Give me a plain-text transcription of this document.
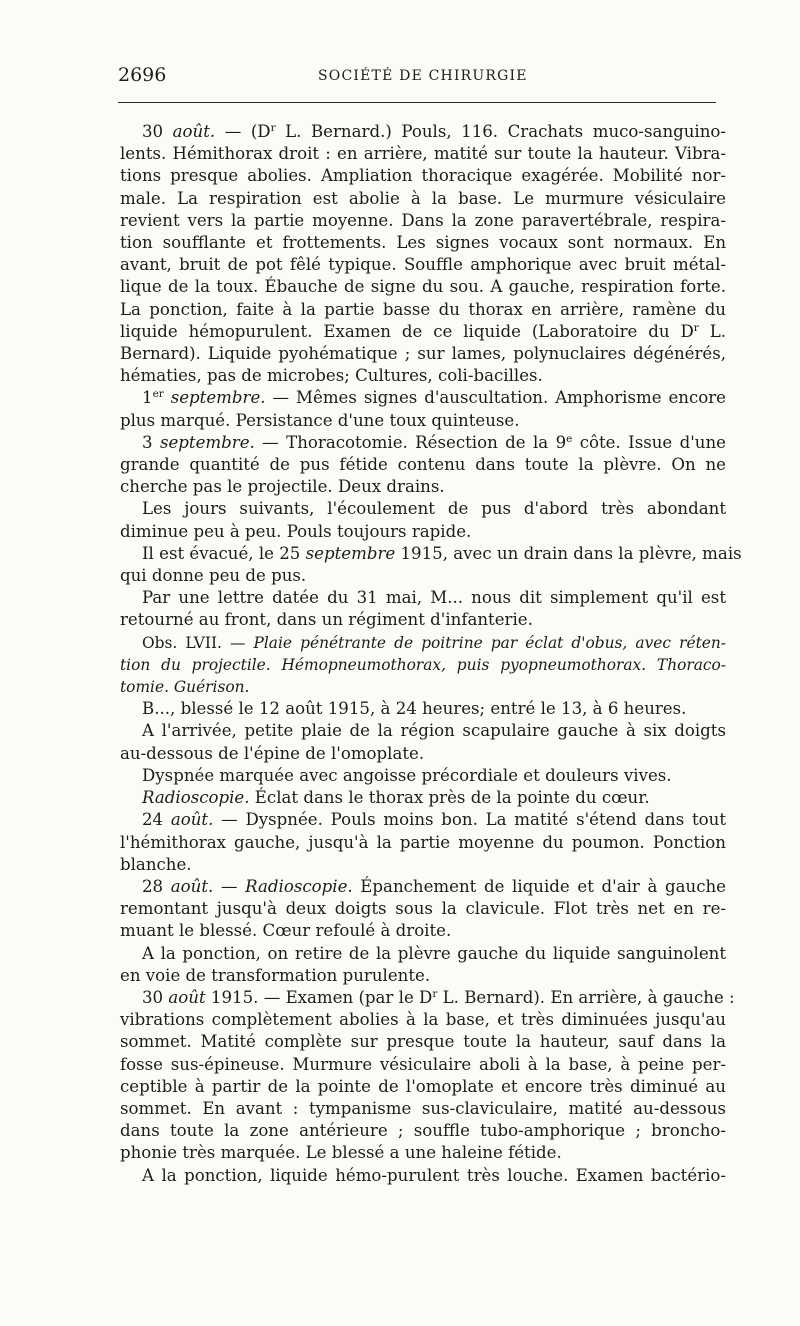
2696	SOCIÉTÉ DE CHIRURGIE
30 août. — ($D^r$ L. Bernard.) Pouls, 116. Crachats muco-sanguino-
lents. Hémithorax droit : en arrière, matité sur toute la hauteur. Vibra-
tions presque abolies. Ampliation thoracique exagérée. Mobilité nor-
male. La respiration est abolie à la base. Le murmure vésiculaire
revient vers la partie moyenne. Dans la zone paravertébrale, respira-
tion soufflante et frottements. Les signes vocaux sont normaux. En
avant, bruit de pot fêlé typique. Souffle amphorique avec bruit métal-
lique de la toux. Ébauche de signe du sou. A gauche, respiration forte.
La ponction, faite à la partie basse du thorax en arrière, ramène du
liquide hémopurulent. Examen de ce liquide (Laboratoire du $D^r$ L.
Bernard). Liquide pyohématique ; sur lames, polynuclaires dégénérés,
hématies, pas de microbes; Cultures, coli-bacilles.
1er septembre. — Mêmes signes d'auscultation. Amphorisme encore
plus marqué. Persistance d'une toux quinteuse.
3 septembre. — Thoracotomie. Résection de la 9e côte. Issue d'une
grande quantité de pus fétide contenu dans toute la plèvre. On ne
cherche pas le projectile. Deux drains.
Les jours suivants, l'écoulement de pus d'abord très abondant
diminue peu à peu. Pouls toujours rapide.
Il est évacué, le 25 septembre 1915, avec un drain dans la plèvre, mais
qui donne peu de pus.
Par une lettre datée du 31 mai, M... nous dit simplement qu'il est
retourné au front, dans un régiment d'infanterie.
Obs. LVII. — Plaie pénétrante de poitrine par éclat d'obus, avec réten-
tion du projectile. Hémopneumothorax, puis pyopneumothorax. Thoraco-
tomie. Guérison.
B..., blessé le 12 août 1915, à 24 heures; entré le 13, à 6 heures.
A l'arrivée, petite plaie de la région scapulaire gauche à six doigts
au-dessous de l'épine de l'omoplate.
Dyspnée marquée avec angoisse précordiale et douleurs vives.
Radioscopie. Éclat dans le thorax près de la pointe du cœur.
24 août. — Dyspnée. Pouls moins bon. La matité s'étend dans tout
l'hémithorax gauche, jusqu'à la partie moyenne du poumon. Ponction
blanche.
28 août. — Radioscopie. Épanchement de liquide et d'air à gauche
remontant jusqu'à deux doigts sous la clavicule. Flot très net en re-
muant le blessé. Cœur refoulé à droite.
A la ponction, on retire de la plèvre gauche du liquide sanguinolent
en voie de transformation purulente.
30 août 1915. — Examen (par le $D^r$ L. Bernard). En arrière, à gauche :
vibrations complètement abolies à la base, et très diminuées jusqu'au
sommet. Matité complète sur presque toute la hauteur, sauf dans la
fosse sus-épineuse. Murmure vésiculaire aboli à la base, à peine per-
ceptible à partir de la pointe de l'omoplate et encore très diminué au
sommet. En avant : tympanisme sus-claviculaire, matité au-dessous
dans toute la zone antérieure ; souffle tubo-amphorique ; broncho-
phonie très marquée. Le blessé a une haleine fétide.
A la ponction, liquide hémo-purulent très louche. Examen bactério-
